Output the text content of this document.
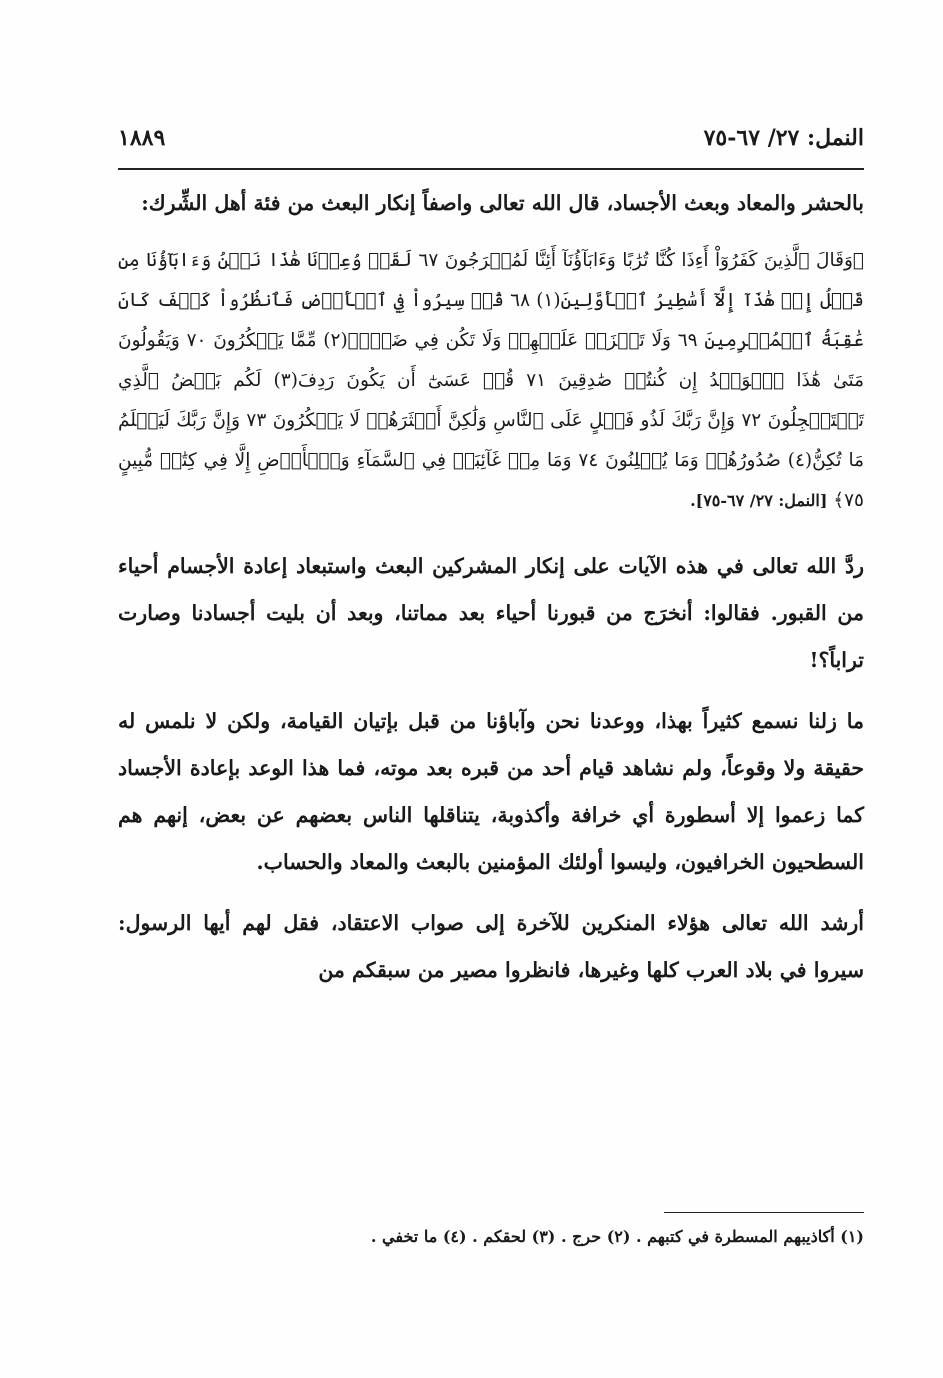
١٨٨٩	النمل: ٢٧/ ٦٧-٧٥

بالحشر والمعاد وبعث الأجساد، قال الله تعالى واصفاً إنكار البعث من فئة أهل الشِّرك:

﴿وَقَالَ ٱلَّذِينَ كَفَرُوٓاْ أَءِذَا كُنَّا تُرَٰبًا وَءَابَآؤُنَآ أَئِنَّا لَمُخۡرَجُونَ ٦٧ لَقَدۡ وُعِدۡنَا هَٰذَا نَحۡنُ وَءَابَآؤُنَا مِن قَبۡلُ إِنۡ هَٰذَآ إِلَّآ أَسَٰطِيرُ ٱلۡأَوَّلِينَ(١) ٦٨ قُلۡ سِيرُواْ فِي ٱلۡأَرۡضِ فَٱنظُرُواْ كَيۡفَ كَانَ عَٰقِبَةُ ٱلۡمُجۡرِمِينَ ٦٩ وَلَا تَحۡزَنۡ عَلَيۡهِمۡ وَلَا تَكُن فِي ضَيۡقٖ(٢) مِّمَّا يَمۡكُرُونَ ٧٠ وَيَقُولُونَ مَتَىٰ هَٰذَا ٱلۡوَعۡدُ إِن كُنتُمۡ صَٰدِقِينَ ٧١ قُلۡ عَسَىٰٓ أَن يَكُونَ رَدِفَ(٣) لَكُم بَعۡضُ ٱلَّذِي تَسۡتَعۡجِلُونَ ٧٢ وَإِنَّ رَبَّكَ لَذُو فَضۡلٍ عَلَى ٱلنَّاسِ وَلَٰكِنَّ أَكۡثَرَهُمۡ لَا يَشۡكُرُونَ ٧٣ وَإِنَّ رَبَّكَ لَيَعۡلَمُ مَا تُكِنُّ(٤) صُدُورُهُمۡ وَمَا يُعۡلِنُونَ ٧٤ وَمَا مِنۡ غَآئِبَةٖ فِي ٱلسَّمَآءِ وَٱلۡأَرۡضِ إِلَّا فِي كِتَٰبٖ مُّبِينٍ ٧٥﴾ [النمل: ٢٧/ ٦٧-٧٥].

ردَّ الله تعالى في هذه الآيات على إنكار المشركين البعث واستبعاد إعادة الأجسام أحياء من القبور. فقالوا: أنخرَج من قبورنا أحياء بعد مماتنا، وبعد أن بليت أجسادنا وصارت تراباً؟!

ما زلنا نسمع كثيراً بهذا، ووعدنا نحن وآباؤنا من قبل بإتيان القيامة، ولكن لا نلمس له حقيقة ولا وقوعاً، ولم نشاهد قيام أحد من قبره بعد موته، فما هذا الوعد بإعادة الأجساد كما زعموا إلا أسطورة أي خرافة وأكذوبة، يتناقلها الناس بعضهم عن بعض، إنهم هم السطحيون الخرافيون، وليسوا أولئك المؤمنين بالبعث والمعاد والحساب.

أرشد الله تعالى هؤلاء المنكرين للآخرة إلى صواب الاعتقاد، فقل لهم أيها الرسول: سيروا في بلاد العرب كلها وغيرها، فانظروا مصير من سبقكم من

(١) أكاذيبهم المسطرة في كتبهم . (٢) حرج . (٣) لحقكم . (٤) ما تخفي .
